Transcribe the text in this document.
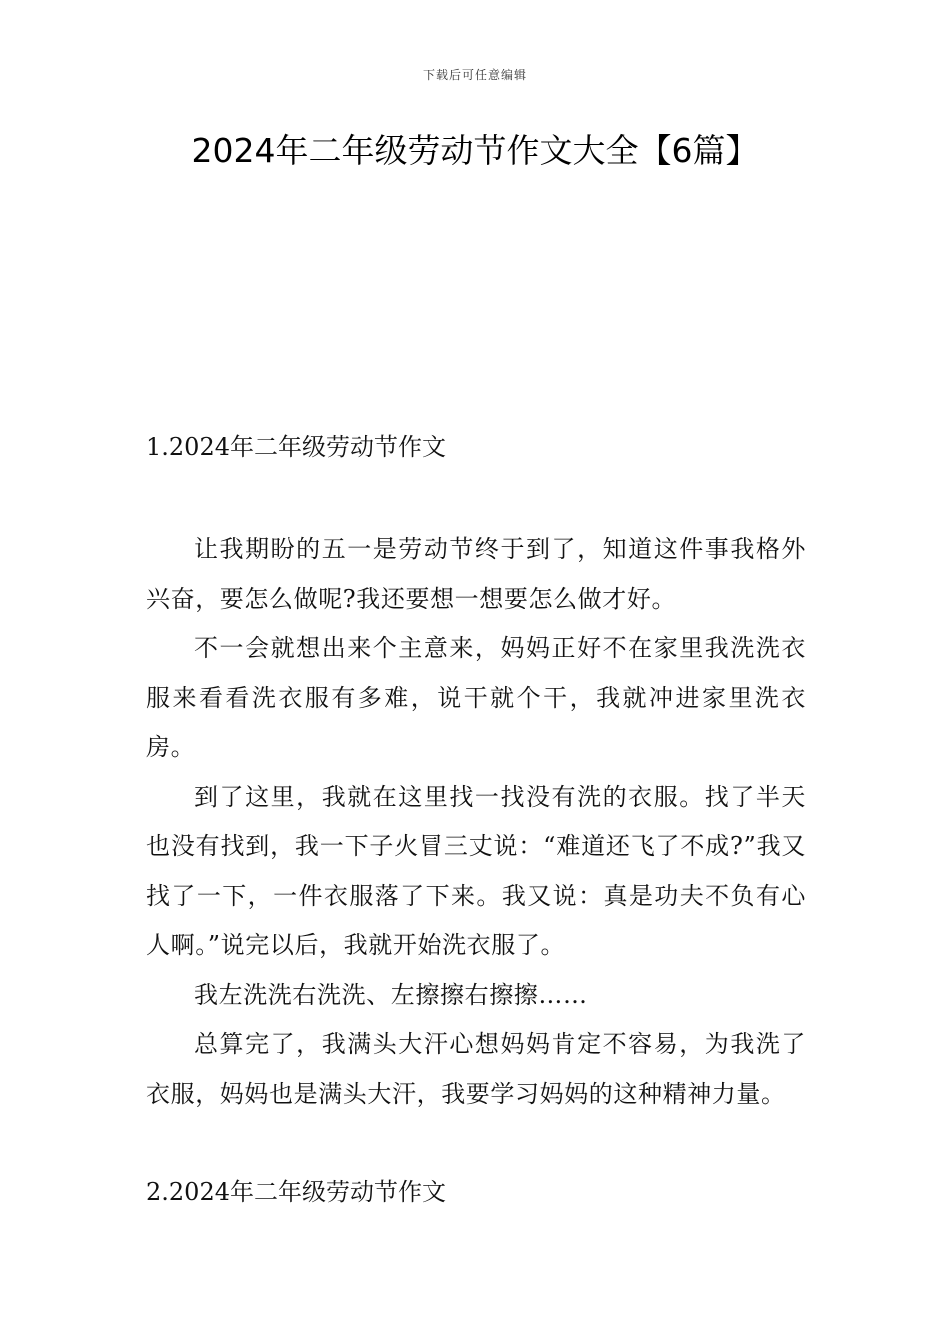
下载后可任意编辑
2024年二年级劳动节作文大全【6篇】
1.2024年二年级劳动节作文

让我期盼的五一是劳动节终于到了，知道这件事我格外兴奋，要怎么做呢?我还要想一想要怎么做才好。

不一会就想出来个主意来，妈妈正好不在家里我洗洗衣服来看看洗衣服有多难，说干就个干，我就冲进家里洗衣房。

到了这里，我就在这里找一找没有洗的衣服。找了半天也没有找到，我一下子火冒三丈说：“难道还飞了不成?”我又找了一下，一件衣服落了下来。我又说：真是功夫不负有心人啊。”说完以后，我就开始洗衣服了。

我左洗洗右洗洗、左擦擦右擦擦……

总算完了，我满头大汗心想妈妈肯定不容易，为我洗了衣服，妈妈也是满头大汗，我要学习妈妈的这种精神力量。

2.2024年二年级劳动节作文
